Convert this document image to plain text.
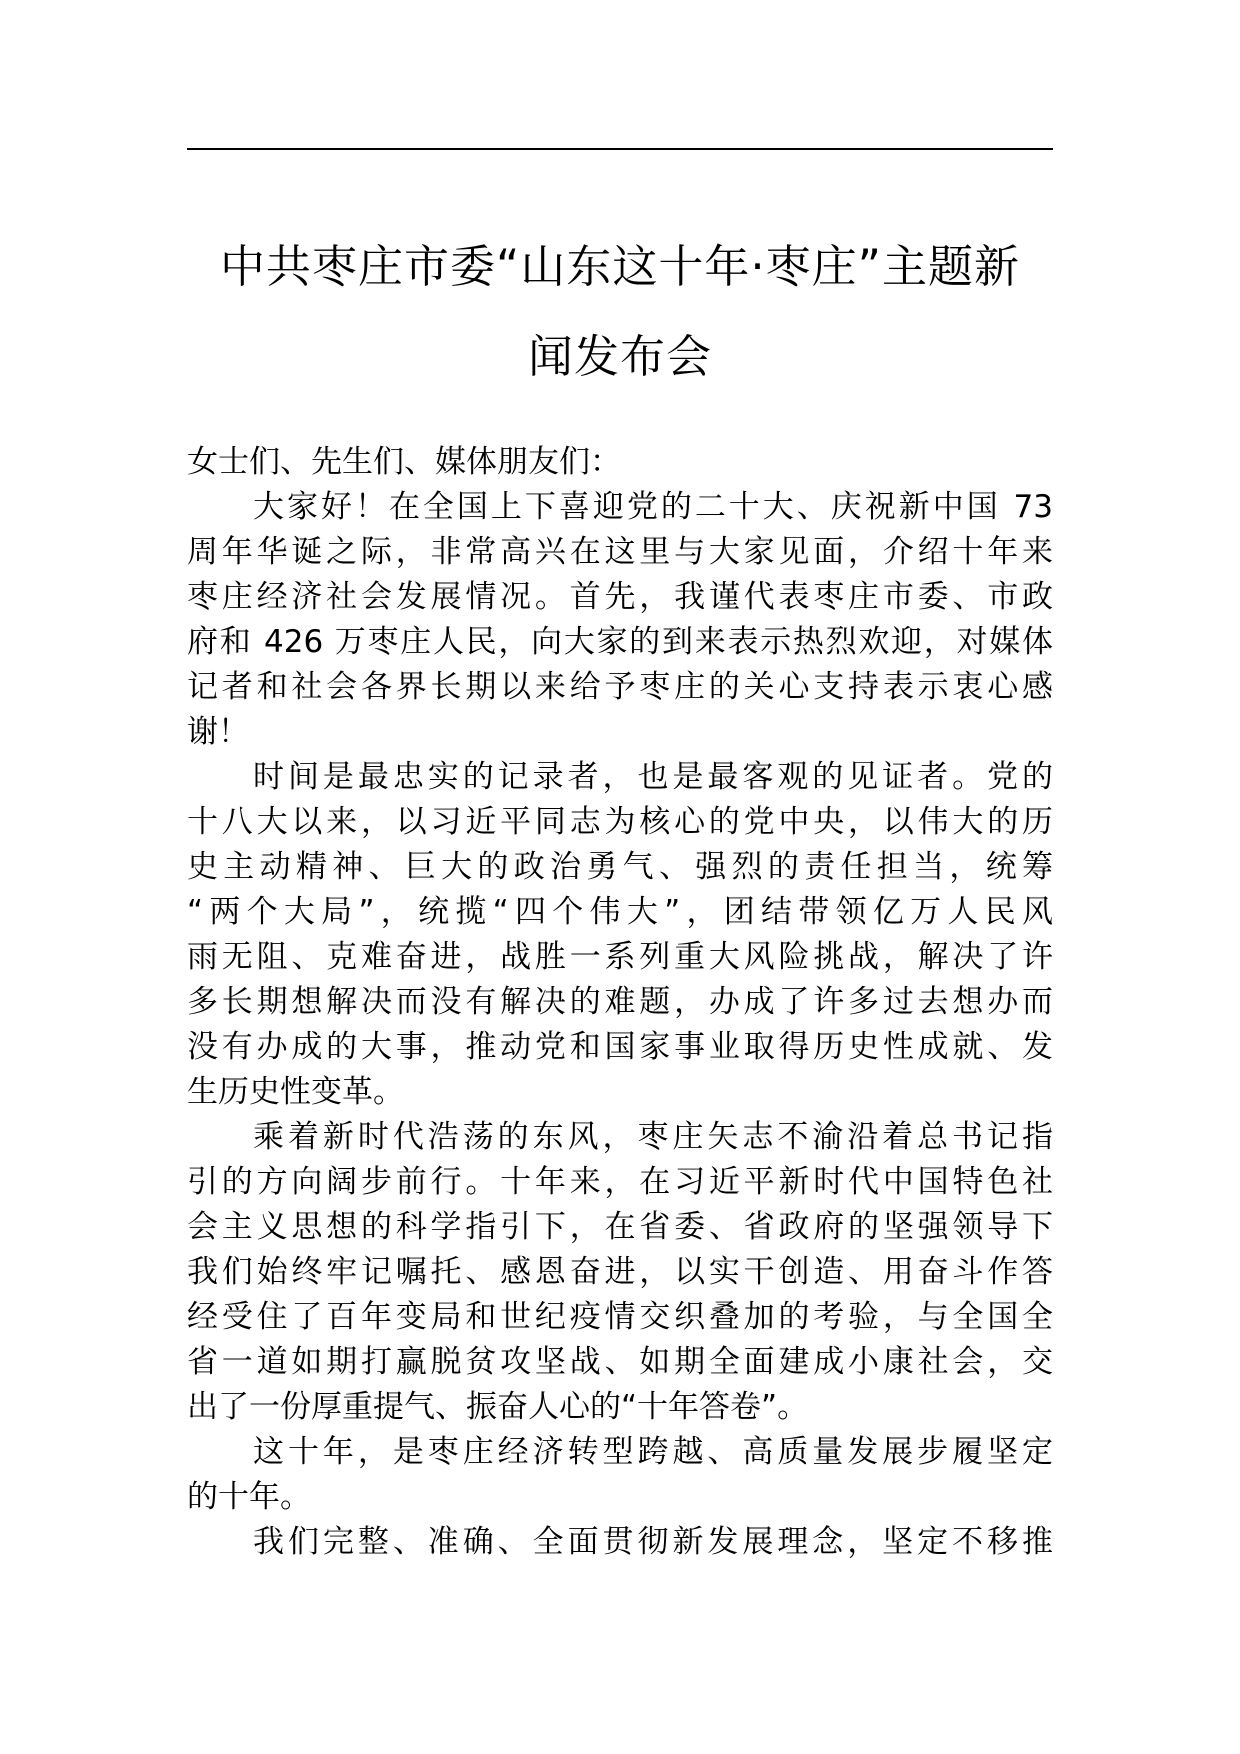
中共枣庄市委“山东这十年·枣庄”主题新
闻发布会
女士们、先生们、媒体朋友们：
大家好！在全国上下喜迎党的二十大、庆祝新中国 73
周年华诞之际，非常高兴在这里与大家见面，介绍十年来
枣庄经济社会发展情况。首先，我谨代表枣庄市委、市政
府和 426 万枣庄人民，向大家的到来表示热烈欢迎，对媒体
记者和社会各界长期以来给予枣庄的关心支持表示衷心感
谢！
时间是最忠实的记录者，也是最客观的见证者。党的
十八大以来，以习近平同志为核心的党中央，以伟大的历
史主动精神、巨大的政治勇气、强烈的责任担当，统筹
“两个大局”，统揽“四个伟大”，团结带领亿万人民风
雨无阻、克难奋进，战胜一系列重大风险挑战，解决了许
多长期想解决而没有解决的难题，办成了许多过去想办而
没有办成的大事，推动党和国家事业取得历史性成就、发
生历史性变革。
乘着新时代浩荡的东风，枣庄矢志不渝沿着总书记指
引的方向阔步前行。十年来，在习近平新时代中国特色社
会主义思想的科学指引下，在省委、省政府的坚强领导下
我们始终牢记嘱托、感恩奋进，以实干创造、用奋斗作答
经受住了百年变局和世纪疫情交织叠加的考验，与全国全
省一道如期打赢脱贫攻坚战、如期全面建成小康社会，交
出了一份厚重提气、振奋人心的“十年答卷”。
这十年，是枣庄经济转型跨越、高质量发展步履坚定
的十年。
我们完整、准确、全面贯彻新发展理念，坚定不移推
